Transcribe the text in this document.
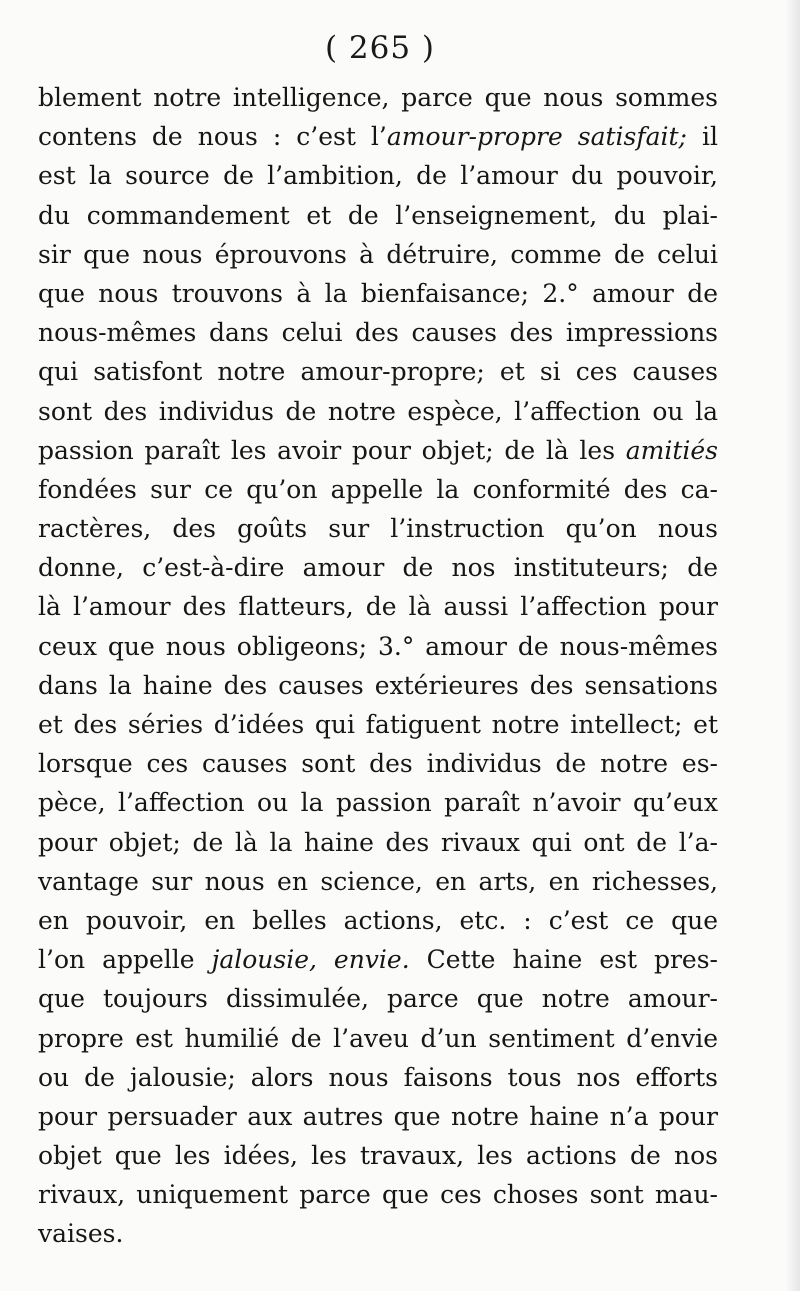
( 265 )
blement notre intelligence, parce que nous sommes
contens de nous : c’est l’amour-propre satisfait; il
est la source de l’ambition, de l’amour du pouvoir,
du commandement et de l’enseignement, du plai-
sir que nous éprouvons à détruire, comme de celui
que nous trouvons à la bienfaisance; 2.° amour de
nous-mêmes dans celui des causes des impressions
qui satisfont notre amour-propre; et si ces causes
sont des individus de notre espèce, l’affection ou la
passion paraît les avoir pour objet; de là les amitiés
fondées sur ce qu’on appelle la conformité des ca-
ractères, des goûts sur l’instruction qu’on nous
donne, c’est-à-dire amour de nos instituteurs; de
là l’amour des flatteurs, de là aussi l’affection pour
ceux que nous obligeons; 3.° amour de nous-mêmes
dans la haine des causes extérieures des sensations
et des séries d’idées qui fatiguent notre intellect; et
lorsque ces causes sont des individus de notre es-
pèce, l’affection ou la passion paraît n’avoir qu’eux
pour objet; de là la haine des rivaux qui ont de l’a-
vantage sur nous en science, en arts, en richesses,
en pouvoir, en belles actions, etc. : c’est ce que
l’on appelle jalousie, envie. Cette haine est pres-
que toujours dissimulée, parce que notre amour-
propre est humilié de l’aveu d’un sentiment d’envie
ou de jalousie; alors nous faisons tous nos efforts
pour persuader aux autres que notre haine n’a pour
objet que les idées, les travaux, les actions de nos
rivaux, uniquement parce que ces choses sont mau-
vaises.
